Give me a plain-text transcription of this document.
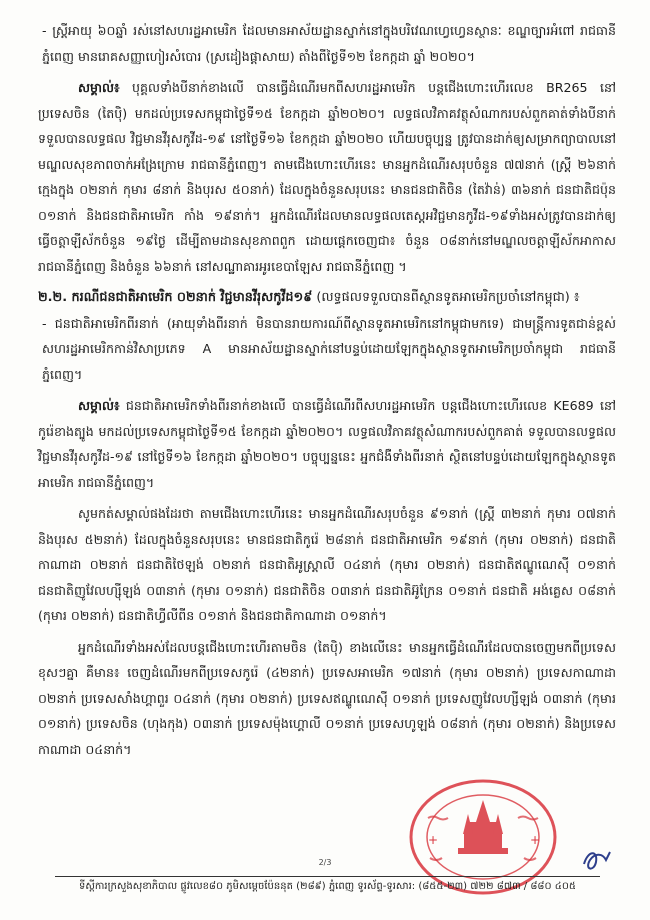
- ស្ត្រីអាយុ ៦០ឆ្នាំ រស់នៅសហរដ្ឋអាមេរិក ដែលមានអាស័យដ្ឋានស្នាក់នៅក្នុងបរិវេណហ្វេហ្វេនស្ថានៈ ខណ្ឌច្បារអំពៅ រាជធានីភ្នំពេញ មានរោគសញ្ញាហៀរសំបោរ (ស្រដៀងផ្តាសាយ) តាំងពីថ្ងៃទី១២ ខែកក្កដា ឆ្នាំ ២០២០។

សម្គាល់៖ បុគ្គលទាំងបីនាក់ខាងលើ បានធ្វើដំណើរមកពីសហរដ្ឋអាមេរិក បន្តជើងហោះហើរលេខ BR265 នៅប្រទេសចិន (តៃប៉ិ) មកដល់ប្រទេសកម្ពុជាថ្ងៃទី១៥ ខែកក្កដា ឆ្នាំ២០២០។ លទ្ធផលវិភាគវត្ថុសំណាករបស់ពួកគាត់ទាំងបីនាក់ ទទួលបានលទ្ធផល វិជ្ជមានវីរុសកូវីដ-១៩ នៅថ្ងៃទី១៦ ខែកក្កដា ឆ្នាំ២០២០ ហើយបច្ចុប្បន្ន ត្រូវបានដាក់ឲ្យសម្រាកព្យាបាលនៅមណ្ឌលសុខភាពចាក់អង្រែក្រោម រាជធានីភ្នំពេញ។ តាមជើងហោះហើរនេះ មានអ្នកដំណើរសរុបចំនួន ៧៧នាក់ (ស្ត្រី ២៦នាក់ ក្មេងក្នុង ០២នាក់ កុមារ ៨នាក់ និងបុរស ៥០នាក់) ដែលក្នុងចំនួនសរុបនេះ មានជនជាតិចិន (តៃវ៉ាន់) ៣៦នាក់ ជនជាតិជប៉ុន ០១នាក់ និងជនជាតិអាមេរិក កាំង ១៩នាក់។ អ្នកដំណើរដែលមានលទ្ធផលតេស្តអវិជ្ជមានកូវីដ-១៩ទាំងអស់ត្រូវបានដាក់ឲ្យធ្វើចត្តាឡីស័កចំនួន ១៩ថ្ងៃ ដើម្បីតាមដានសុខភាពពួក ដោយផ្ដេកចេញជា៖ ចំនួន ០៨នាក់នៅមណ្ឌលចត្តាឡីស័កអាកាស រាជធានីភ្នំពេញ និងចំនួន ៦៦នាក់ នៅសណ្ឋាគារអូរខេបាឡែស រាជធានីភ្នំពេញ ។

២.២. ករណីជនជាតិអាមេរិក ០២នាក់ វិជ្ជមានវីរុសកូវីដ១៩ (លទ្ធផលទទួលបានពីស្ថានទូតអាមេរិកប្រចាំនៅកម្ពុជា) ៖

- ជនជាតិអាមេរិកពីរនាក់ (អាយុទាំងពីរនាក់ មិនបានរាយការណ៍ពីស្ថានទូតអាមេរិកនៅកម្ពុជាមកទេ) ជាមន្ត្រីការទូតជាន់ខ្ពស់សហរដ្ឋអាមេរិកកាន់វិសាប្រភេទ A មានអាស័យដ្ឋានស្នាក់នៅបន្ទប់ដោយឡែកក្នុងស្ថានទូតអាមេរិកប្រចាំកម្ពុជា រាជធានីភ្នំពេញ។

សម្គាល់៖ ជនជាតិអាមេរិកទាំងពីរនាក់ខាងលើ បានធ្វើដំណើរពីសហរដ្ឋអាមេរិក បន្តជើងហោះហើរលេខ KE689 នៅកូរ៉េខាងត្បូង មកដល់ប្រទេសកម្ពុជាថ្ងៃទី១៥ ខែកក្កដា ឆ្នាំ២០២០។ លទ្ធផលវិភាគវត្ថុសំណាករបស់ពួកគាត់ ទទួលបានលទ្ធផល វិជ្ជមានវីរុសកូវីដ-១៩ នៅថ្ងៃទី១៦ ខែកក្កដា ឆ្នាំ២០២០។ បច្ចុប្បន្ននេះ អ្នកជំងឺទាំងពីរនាក់ ស្ថិតនៅបន្ទប់ដោយឡែកក្នុងស្ថានទូតអាមេរិក រាជធានីភ្នំពេញ។

សូមកត់សម្គាល់ផងដែរថា តាមជើងហោះហើរនេះ មានអ្នកដំណើរសរុបចំនួន ៩១នាក់ (ស្ត្រី ៣២នាក់ កុមារ ០៧នាក់ និងបុរស ៥២នាក់) ដែលក្នុងចំនួនសរុបនេះ មានជនជាតិកូរ៉េ ២៨នាក់ ជនជាតិអាមេរិក ១៩នាក់ (កុមារ ០២នាក់) ជនជាតិកាណាដា ០២នាក់ ជនជាតិថៃឡង់ ០២នាក់ ជនជាតិអូស្ត្រាលី ០៤នាក់ (កុមារ ០២នាក់) ជនជាតិឥណ្ឌូណេស៊ី ០១នាក់ ជនជាតិញូវែលហ្ស៊ីឡង់ ០៣នាក់ (កុមារ ០១នាក់) ជនជាតិចិន ០៣នាក់ ជនជាតិអ៊ូក្រែន ០១នាក់ ជនជាតិ អង់គ្លេស ០៨នាក់ (កុមារ ០២នាក់) ជនជាតិហ្វីលីពីន ០១នាក់ និងជនជាតិកាណាដា ០១នាក់។

អ្នកដំណើរទាំងអស់ដែលបន្តជើងហោះហើរតាមចិន (តៃប៉ិ) ខាងលើនេះ មានអ្នកធ្វើដំណើរដែលបានចេញមកពីប្រទេសខុសៗគ្នា គឺមាន៖ ចេញដំណើរមកពីប្រទេសកូរ៉េ (៤២នាក់) ប្រទេសអាមេរិក ១៧នាក់ (កុមារ ០២នាក់) ប្រទេសកាណាដា ០២នាក់ ប្រទេសសាំងហ្គាពួរ ០៤នាក់ (កុមារ ០២នាក់) ប្រទេសឥណ្ឌូណេស៊ី ០១នាក់ ប្រទេសញូវែលហ្សីឡង់ ០៣នាក់ (កុមារ ០១នាក់) ប្រទេសចិន (ហុងកុង) ០៣នាក់ ប្រទេសម៉ុងហ្គោលី ០១នាក់ ប្រទេសហូឡង់ ០៨នាក់ (កុមារ ០២នាក់) និងប្រទេសកាណាដា ០៤នាក់។

+	+
2/3
ទីស្តីការក្រសួងសុខាភិបាល ផ្លូវលេខ៨០ ភូមិសម្តេចប៉ែននុត (២៨៩) ភ្នំពេញ ទូរស័ព្ទ-ទូរសារ: (៨៥៥-២៣) ៧២២ ៨៧៣ / ៨៨០ ៤០៥
